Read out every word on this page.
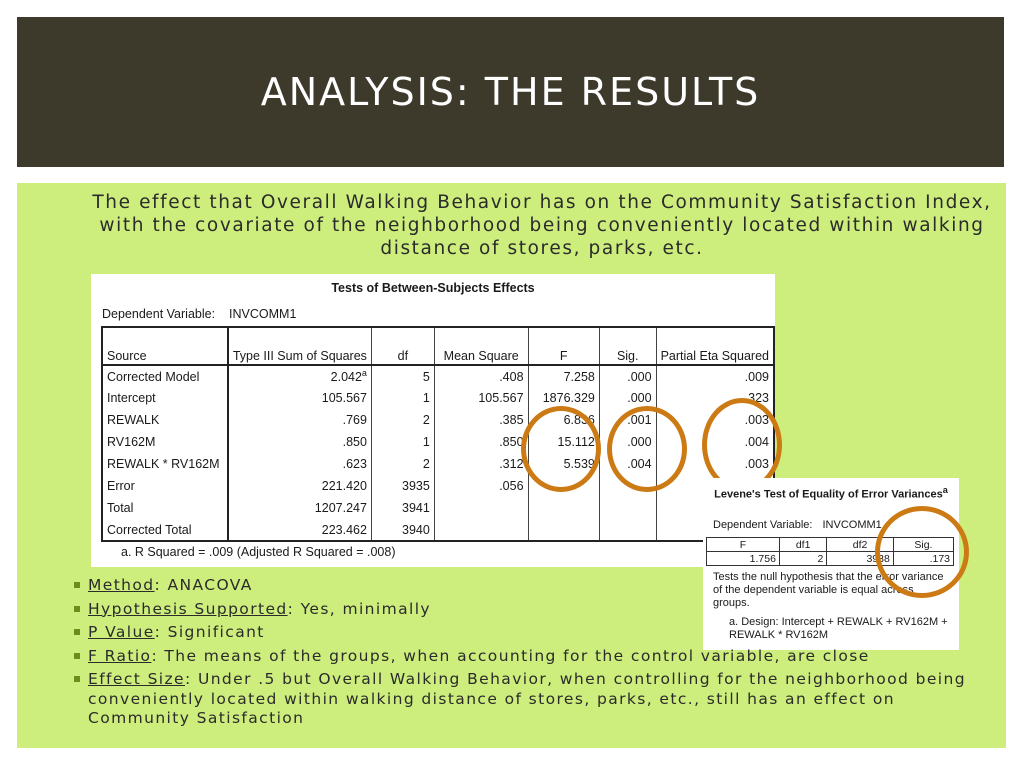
ANALYSIS: THE RESULTS
The effect that Overall Walking Behavior has on the Community Satisfaction Index, with the covariate of the neighborhood being conveniently located within walking distance of stores, parks, etc.
Tests of Between-Subjects Effects
Dependent Variable: INVCOMM1
Source	Type III Sum of Squares	df	Mean Square	F	Sig.	Partial Eta Squared
Corrected Model	2.042$^a$	5	.408	7.258	.000	.009
Intercept	105.567	1	105.567	1876.329	.000	.323
REWALK	.769	2	.385	6.836	.001	.003
RV162M	.850	1	.850	15.112	.000	.004
REWALK * RV162M	.623	2	.312	5.539	.004	.003
Error	221.420	3935	.056			
Total	1207.247	3941				
Corrected Total	223.462	3940				
a. R Squared = .009 (Adjusted R Squared = .008)
Levene's Test of Equality of Error Variances$^a$
Dependent Variable: INVCOMM1
F	df1	df2	Sig.
1.756	2	3938	.173
Tests the null hypothesis that the error variance of the dependent variable is equal across groups.
a. Design: Intercept + REWALK + RV162M + REWALK * RV162M
Method: ANACOVA
Hypothesis Supported: Yes, minimally
P Value: Significant
F Ratio: The means of the groups, when accounting for the control variable, are close
Effect Size: Under .5 but Overall Walking Behavior, when controlling for the neighborhood being conveniently located within walking distance of stores, parks, etc., still has an effect on Community Satisfaction
